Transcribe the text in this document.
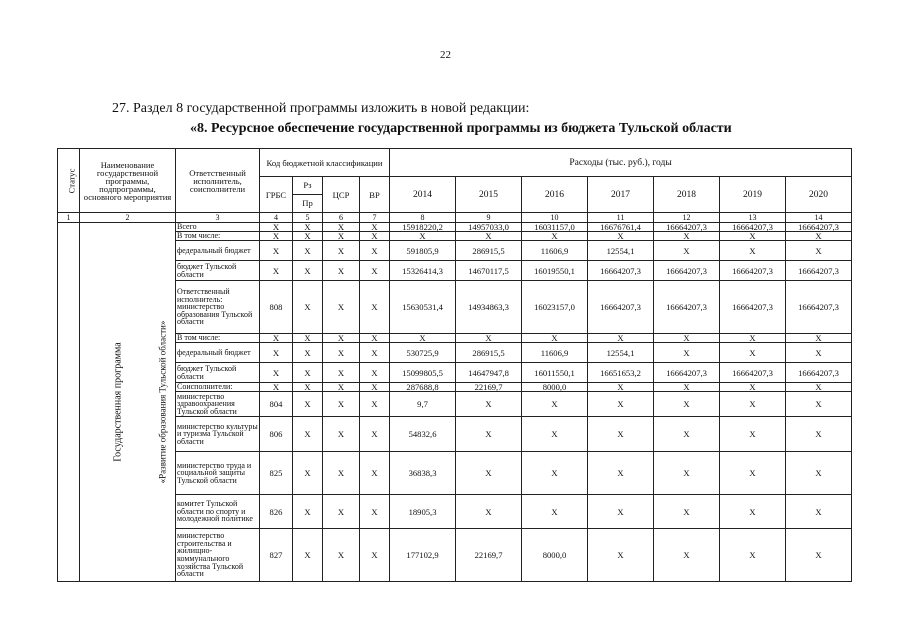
22
27. Раздел 8 государственной программы изложить в новой редакции:
«8. Ресурсное обеспечение государственной программы из бюджета Тульской области
Статус	Наименование государственной программы, подпрограммы, основного мероприятия	Ответственный исполнитель, соисполнители	Код бюджетной классификации				Расходы (тыс. руб.), годы						
			ГРБС	Рз
Пр	ЦСР	ВР	2014	2015	2016	2017	2018	2019	2020
1	2	3	4	5	6	7	8	9	10	11	12	13	14
Государственная программа	«Развитие образования Тульской области»	Всего	X	X	X	X	15918220,2	14957033,0	16031157,0	16676761,4	16664207,3	16664207,3	16664207,3
		В том числе:	X	X	X	X	X	X	X	X	X	X	X
		федеральный бюджет	X	X	X	X	591805,9	286915,5	11606,9	12554,1	X	X	X
		бюджет Тульской области	X	X	X	X	15326414,3	14670117,5	16019550,1	16664207,3	16664207,3	16664207,3	16664207,3
		Ответственный исполнитель: министерство образования Тульской области	808	X	X	X	15630531,4	14934863,3	16023157,0	16664207,3	16664207,3	16664207,3	16664207,3
		В том числе:	X	X	X	X	X	X	X	X	X	X	X
		федеральный бюджет	X	X	X	X	530725,9	286915,5	11606,9	12554,1	X	X	X
		бюджет Тульской области	X	X	X	X	15099805,5	14647947,8	16011550,1	16651653,2	16664207,3	16664207,3	16664207,3
		Соисполнители:	X	X	X	X	287688,8	22169,7	8000,0	X	X	X	X
		министерство здравоохранения Тульской области	804	X	X	X	9,7	X	X	X	X	X	X
		министерство культуры и туризма Тульской области	806	X	X	X	54832,6	X	X	X	X	X	X
		министерство труда и социальной защиты Тульской области	825	X	X	X	36838,3	X	X	X	X	X	X
		комитет Тульской области по спорту и молодежной политике	826	X	X	X	18905,3	X	X	X	X	X	X
		министерство строительства и жилищно-коммунального хозяйства Тульской области	827	X	X	X	177102,9	22169,7	8000,0	X	X	X	X
